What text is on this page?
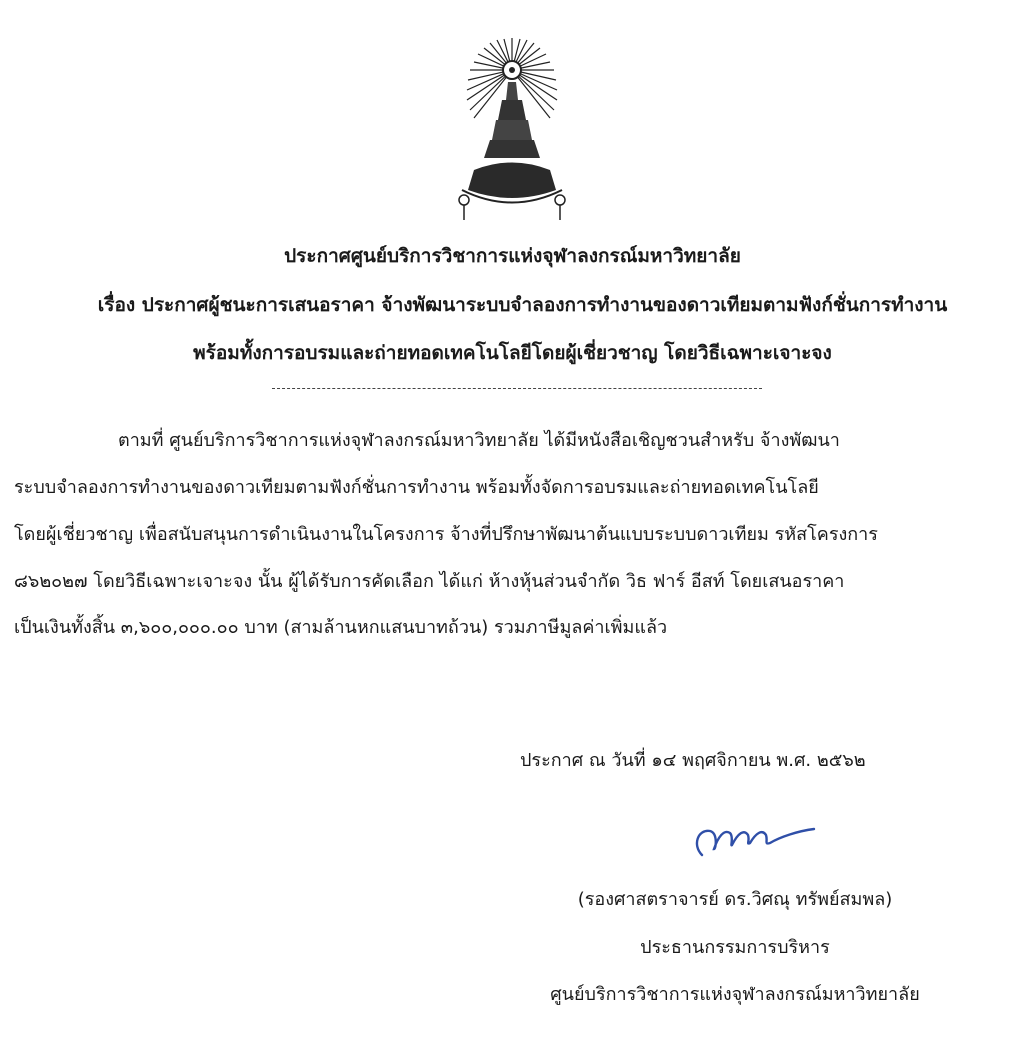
ประกาศศูนย์บริการวิชาการแห่งจุฬาลงกรณ์มหาวิทยาลัย
เรื่อง ประกาศผู้ชนะการเสนอราคา จ้างพัฒนาระบบจำลองการทำงานของดาวเทียมตามฟังก์ชั่นการทำงาน
พร้อมทั้งการอบรมและถ่ายทอดเทคโนโลยีโดยผู้เชี่ยวชาญ โดยวิธีเฉพาะเจาะจง
ตามที่ ศูนย์บริการวิชาการแห่งจุฬาลงกรณ์มหาวิทยาลัย ได้มีหนังสือเชิญชวนสำหรับ จ้างพัฒนา
ระบบจำลองการทำงานของดาวเทียมตามฟังก์ชั่นการทำงาน พร้อมทั้งจัดการอบรมและถ่ายทอดเทคโนโลยี
โดยผู้เชี่ยวชาญ เพื่อสนับสนุนการดำเนินงานในโครงการ จ้างที่ปรึกษาพัฒนาต้นแบบระบบดาวเทียม รหัสโครงการ
๘๖๒๐๒๗ โดยวิธีเฉพาะเจาะจง นั้น ผู้ได้รับการคัดเลือก ได้แก่ ห้างหุ้นส่วนจำกัด วิธ ฟาร์ อีสท์ โดยเสนอราคา
เป็นเงินทั้งสิ้น ๓,๖๐๐,๐๐๐.๐๐ บาท (สามล้านหกแสนบาทถ้วน) รวมภาษีมูลค่าเพิ่มแล้ว
ประกาศ ณ วันที่ ๑๔ พฤศจิกายน พ.ศ. ๒๕๖๒
(รองศาสตราจารย์ ดร.วิศณุ ทรัพย์สมพล)
ประธานกรรมการบริหาร
ศูนย์บริการวิชาการแห่งจุฬาลงกรณ์มหาวิทยาลัย
